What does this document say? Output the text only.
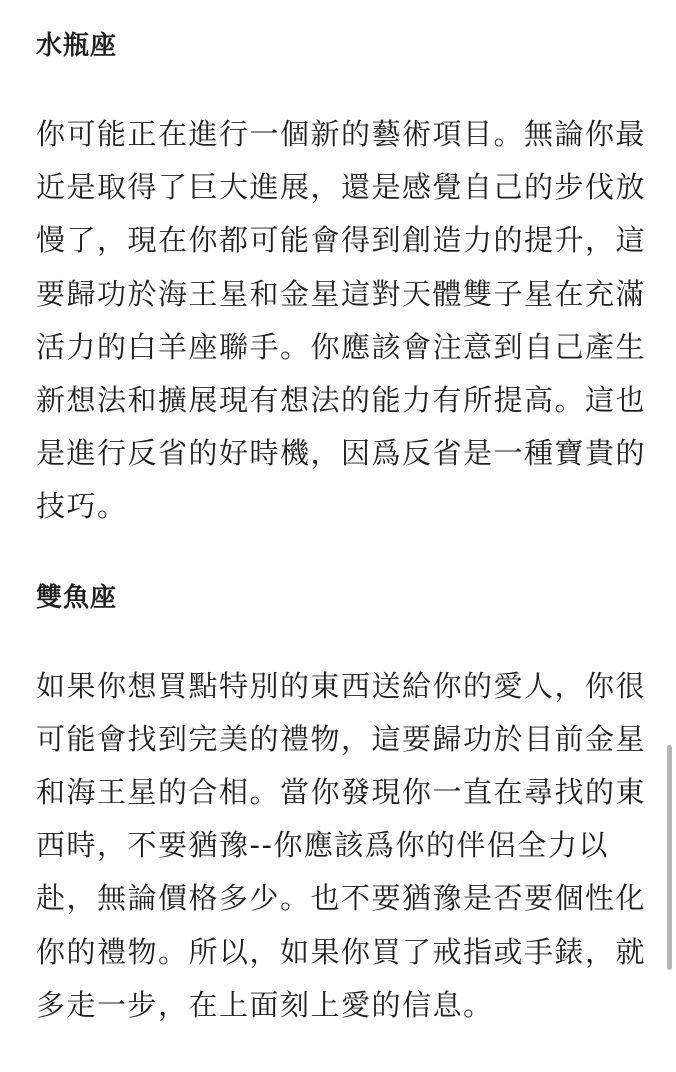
水瓶座

你可能正在進行一個新的藝術項目。無論你最
近是取得了巨大進展，還是感覺自己的步伐放
慢了，現在你都可能會得到創造力的提升，這
要歸功於海王星和金星這對天體雙子星在充滿
活力的白羊座聯手。你應該會注意到自己產生
新想法和擴展現有想法的能力有所提高。這也
是進行反省的好時機，因爲反省是一種寶貴的
技巧。

雙魚座

如果你想買點特別的東西送給你的愛人，你很
可能會找到完美的禮物，這要歸功於目前金星
和海王星的合相。當你發現你一直在尋找的東
西時，不要猶豫--你應該爲你的伴侶全力以
赴，無論價格多少。也不要猶豫是否要個性化
你的禮物。所以，如果你買了戒指或手錶，就
多走一步，在上面刻上愛的信息。
